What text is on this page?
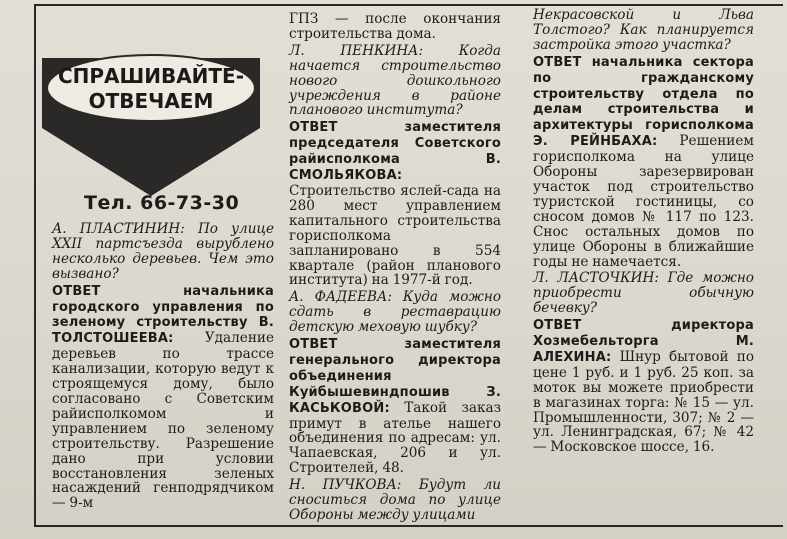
СПРАШИВАЙТЕ-
ОТВЕЧАЕМ
Тел. 66-73-30

А. ПЛАСТИНИН: По улице XXII партсъезда вырублено несколько деревьев. Чем это вызвано?

ОТВЕТ начальника городского управления по зеленому строительству В. ТОЛСТОШЕЕВА: Удаление деревьев по трассе канализации, которую ведут к строящемуся дому, было согласовано с Советским райисполкомом и управлением по зеленому строительству. Разрешение дано при условии восстановления зеленых насаждений генподрядчиком — 9-м

ГПЗ — после окончания строительства дома.

Л. ПЕНКИНА: Когда начается строительство нового дошкольного учреждения в районе планового института?

ОТВЕТ заместителя председателя Советского райисполкома В. СМОЛЬЯКОВА: Строительство яслей-сада на 280 мест управлением капитального строительства горисполкома запланировано в 554 квартале (район планового института) на 1977-й год.

А. ФАДЕЕВА: Куда можно сдать в реставрацию детскую меховую шубку?

ОТВЕТ заместителя генерального директора объединения Куйбышевиндпошив З. КАСЬКОВОЙ: Такой заказ примут в ателье нашего объединения по адресам: ул. Чапаевская, 206 и ул. Строителей, 48.

Н. ПУЧКОВА: Будут ли сноситься дома по улице Обороны между улицами

Некрасовской и Льва Толстого? Как планируется застройка этого участка?

ОТВЕТ начальника сектора по гражданскому строительству отдела по делам строительства и архитектуры горисполкома Э. РЕЙНБАХА: Решением горисполкома на улице Обороны зарезервирован участок под строительство туристской гостиницы, со сносом домов № 117 по 123. Снос остальных домов по улице Обороны в ближайшие годы не намечается.

Л. ЛАСТОЧКИН: Где можно приобрести обычную бечевку?

ОТВЕТ директора Хозмебельторга М. АЛЕХИНА: Шнур бытовой по цене 1 руб. и 1 руб. 25 коп. за моток вы можете приобрести в магазинах торга: № 15 — ул. Промышленности, 307; № 2 — ул. Ленинградская, 67; № 42 — Московское шоссе, 16.
